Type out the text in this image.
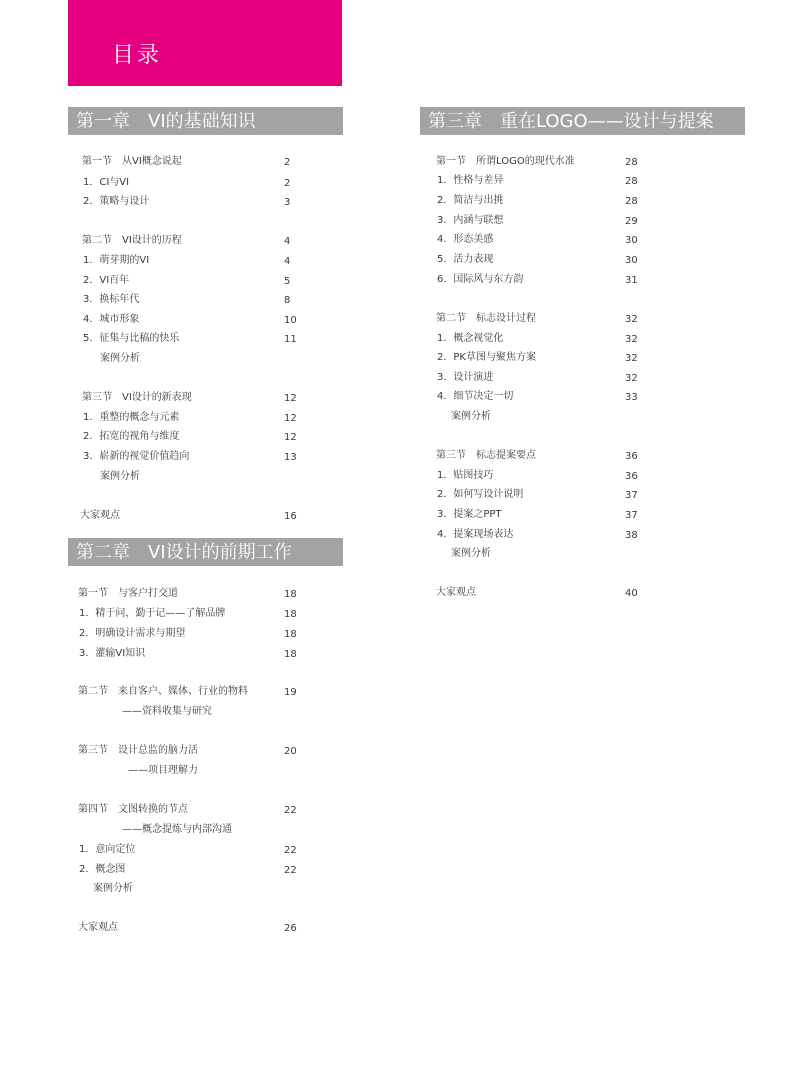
目录
第一章　VI的基础知识
第二章　VI设计的前期工作
第三章　重在LOGO——设计与提案
第一节　从VI概念说起	2
1．CI与VI	2
2．策略与设计	3
第二节　VI设计的历程	4
1．萌芽期的VI	4
2．VI百年	5
3．换标年代	8
4．城市形象	10
5．征集与比稿的快乐	11
案例分析
第三节　VI设计的新表现	12
1．重整的概念与元素	12
2．拓宽的视角与维度	12
3．崭新的视觉价值趋向	13
案例分析
大家观点	16
第一节　与客户打交道	18
1．精于问，勤于记——了解品牌	18
2．明确设计需求与期望	18
3．灌输VI知识	18
第二节　来自客户、媒体、行业的物料	19
——资料收集与研究
第三节　设计总监的脑力活	20
——项目理解力
第四节　文图转换的节点	22
——概念提炼与内部沟通
1．意向定位	22
2．概念图	22
案例分析
大家观点	26
第一节　所谓LOGO的现代水准	28
1．性格与差异	28
2．简洁与出挑	28
3．内涵与联想	29
4．形态美感	30
5．活力表现	30
6．国际风与东方韵	31
第二节　标志设计过程	32
1．概念视觉化	32
2．PK草图与聚焦方案	32
3．设计演进	32
4．细节决定一切	33
案例分析
第三节　标志提案要点	36
1．贴图技巧	36
2．如何写设计说明	37
3．提案之PPT	37
4．提案现场表达	38
案例分析
大家观点	40
